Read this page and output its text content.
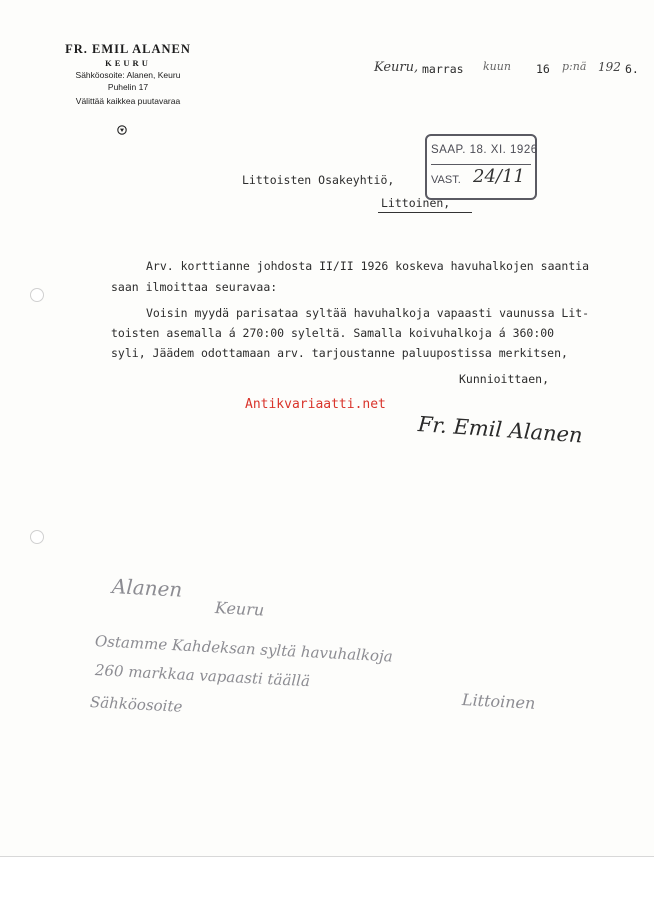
FR. EMIL ALANEN
KEURU
Sähköosoite: Alanen, Keuru
Puhelin 17
Välittää kaikkea puutavaraa
Keuru, marras kuun 16 p:nä 192 6.
SAAP. 18. XI. 1926
VAST. 24/11
Littoisten Osakeyhtiö,
Littoinen,
Arv. korttianne johdosta II/II 1926 koskeva havuhalkojen saantia
saan ilmoittaa seuravaa:
Voisin myydä parisataa syltää havuhalkoja vapaasti vaunussa Lit-
toisten asemalla á 270:00 syleltä. Samalla koivuhalkoja á 360:00
syli, Jäädem odottamaan arv. tarjoustanne paluupostissa merkitsen,
Kunnioittaen,
Antikvariaatti.net
Fr. Emil Alanen
Alanen
Keuru
Ostamme Kahdeksan syltä havuhalkoja
260 markkaa vapaasti täällä
Sähköosoite	Littoinen
